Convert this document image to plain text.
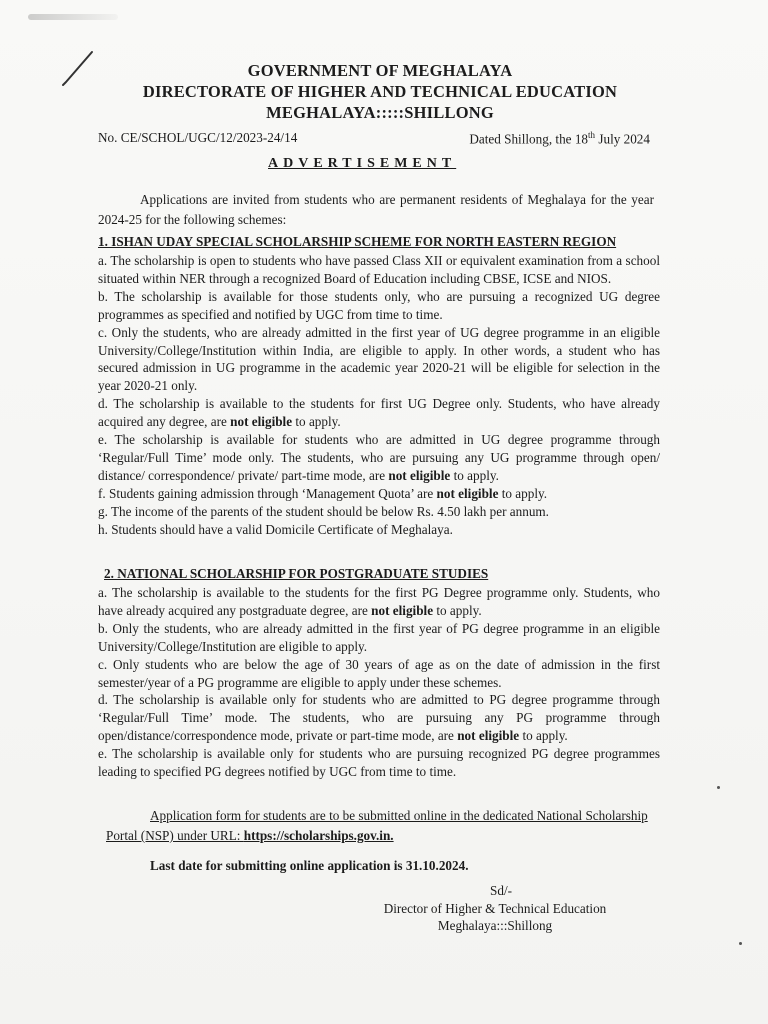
GOVERNMENT OF MEGHALAYA
DIRECTORATE OF HIGHER AND TECHNICAL EDUCATION
MEGHALAYA:::::SHILLONG
No. CE/SCHOL/UGC/12/2023-24/14	Dated Shillong, the 18th July 2024
ADVERTISEMENT
Applications are invited from students who are permanent residents of Meghalaya for the year 2024-25 for the following schemes:
1. ISHAN UDAY SPECIAL SCHOLARSHIP SCHEME FOR NORTH EASTERN REGION

a. The scholarship is open to students who have passed Class XII or equivalent examination from a school situated within NER through a recognized Board of Education including CBSE, ICSE and NIOS.

b. The scholarship is available for those students only, who are pursuing a recognized UG degree programmes as specified and notified by UGC from time to time.

c. Only the students, who are already admitted in the first year of UG degree programme in an eligible University/College/Institution within India, are eligible to apply. In other words, a student who has secured admission in UG programme in the academic year 2020-21 will be eligible for selection in the year 2020-21 only.

d. The scholarship is available to the students for first UG Degree only. Students, who have already acquired any degree, are not eligible to apply.

e. The scholarship is available for students who are admitted in UG degree programme through ‘Regular/Full Time’ mode only. The students, who are pursuing any UG programme through open/ distance/ correspondence/ private/ part-time mode, are not eligible to apply.

f. Students gaining admission through ‘Management Quota’ are not eligible to apply.

g. The income of the parents of the student should be below Rs. 4.50 lakh per annum.

h. Students should have a valid Domicile Certificate of Meghalaya.

2. NATIONAL SCHOLARSHIP FOR POSTGRADUATE STUDIES

a. The scholarship is available to the students for the first PG Degree programme only. Students, who have already acquired any postgraduate degree, are not eligible to apply.

b. Only the students, who are already admitted in the first year of PG degree programme in an eligible University/College/Institution are eligible to apply.

c. Only students who are below the age of 30 years of age as on the date of admission in the first semester/year of a PG programme are eligible to apply under these schemes.

d. The scholarship is available only for students who are admitted to PG degree programme through ‘Regular/Full Time’ mode. The students, who are pursuing any PG programme through open/distance/correspondence mode, private or part-time mode, are not eligible to apply.

e. The scholarship is available only for students who are pursuing recognized PG degree programmes leading to specified PG degrees notified by UGC from time to time.

Application form for students are to be submitted online in the dedicated National Scholarship Portal (NSP) under URL: https://scholarships.gov.in.
Last date for submitting online application is 31.10.2024.
Sd/-
Director of Higher & Technical Education
Meghalaya:::Shillong
